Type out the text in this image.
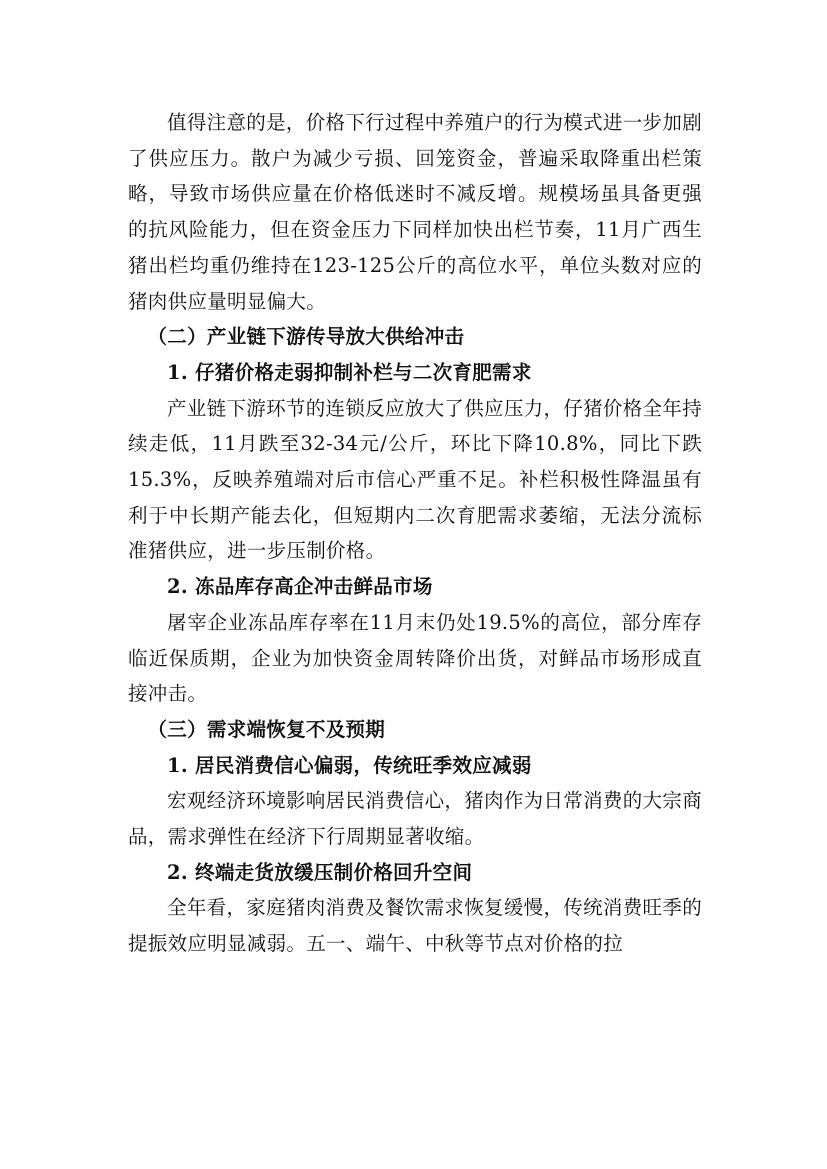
值得注意的是，价格下行过程中养殖户的行为模式进一步加剧了供应压力。散户为减少亏损、回笼资金，普遍采取降重出栏策略，导致市场供应量在价格低迷时不减反增。规模场虽具备更强的抗风险能力，但在资金压力下同样加快出栏节奏，11月广西生猪出栏均重仍维持在123-125公斤的高位水平，单位头数对应的猪肉供应量明显偏大。

（二）产业链下游传导放大供给冲击

1. 仔猪价格走弱抑制补栏与二次育肥需求

产业链下游环节的连锁反应放大了供应压力，仔猪价格全年持续走低，11月跌至32-34元/公斤，环比下降10.8%，同比下跌15.3%，反映养殖端对后市信心严重不足。补栏积极性降温虽有利于中长期产能去化，但短期内二次育肥需求萎缩，无法分流标准猪供应，进一步压制价格。

2. 冻品库存高企冲击鲜品市场

屠宰企业冻品库存率在11月末仍处19.5%的高位，部分库存临近保质期，企业为加快资金周转降价出货，对鲜品市场形成直接冲击。

（三）需求端恢复不及预期

1. 居民消费信心偏弱，传统旺季效应减弱

宏观经济环境影响居民消费信心，猪肉作为日常消费的大宗商品，需求弹性在经济下行周期显著收缩。

2. 终端走货放缓压制价格回升空间

全年看，家庭猪肉消费及餐饮需求恢复缓慢，传统消费旺季的提振效应明显减弱。五一、端午、中秋等节点对价格的拉
